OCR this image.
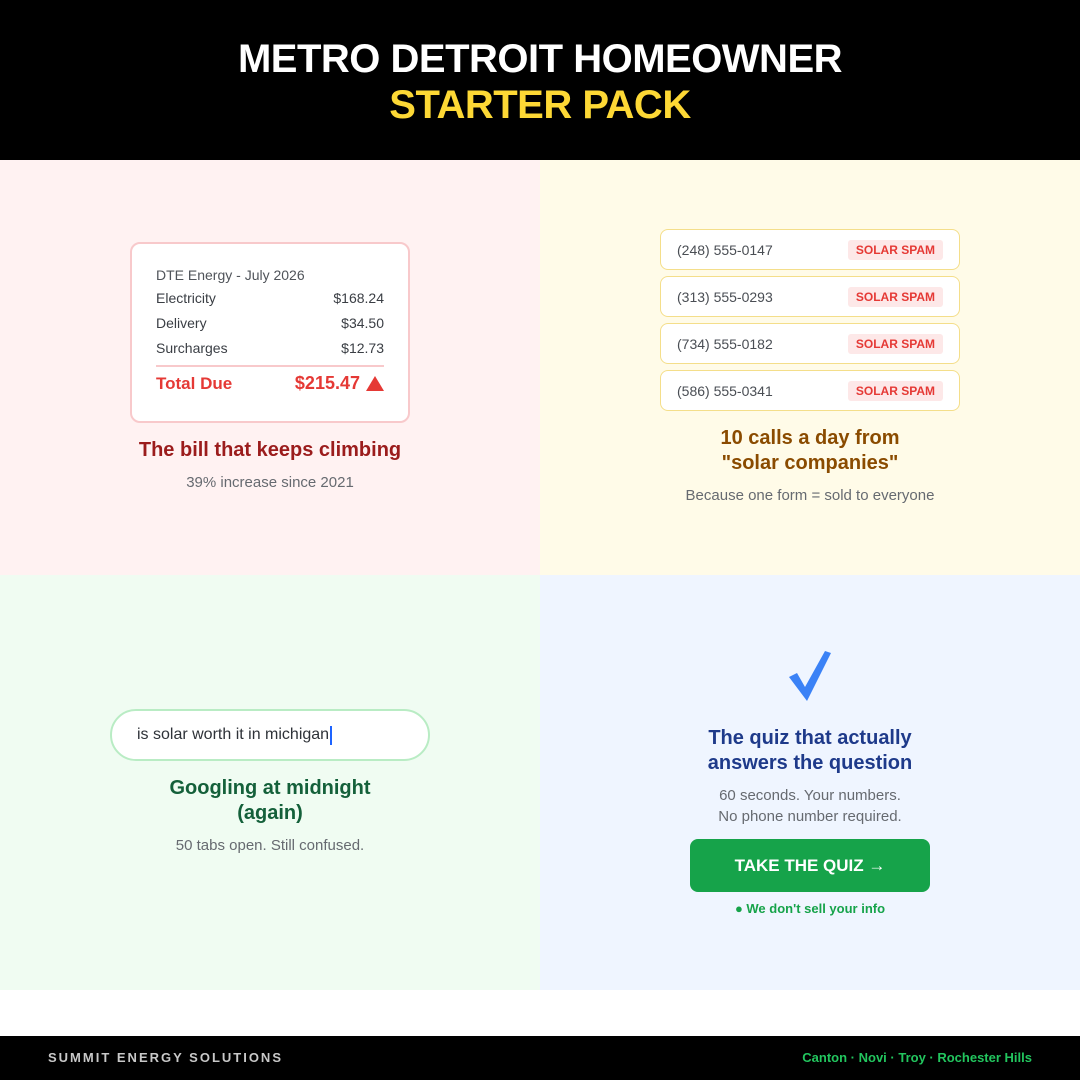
METRO DETROIT HOMEOWNER
STARTER PACK
DTE Energy - July 2026
Electricity	$168.24
Delivery	$34.50
Surcharges	$12.73
Total Due	$215.47
The bill that keeps climbing
39% increase since 2021
(248) 555-0147	SOLAR SPAM
(313) 555-0293	SOLAR SPAM
(734) 555-0182	SOLAR SPAM
(586) 555-0341	SOLAR SPAM
10 calls a day from
"solar companies"
Because one form = sold to everyone
is solar worth it in michigan
Googling at midnight
(again)
50 tabs open. Still confused.
The quiz that actually
answers the question
60 seconds. Your numbers.
No phone number required.
TAKE THE QUIZ →
● We don't sell your info
SUMMIT ENERGY SOLUTIONS	Canton · Novi · Troy · Rochester Hills
